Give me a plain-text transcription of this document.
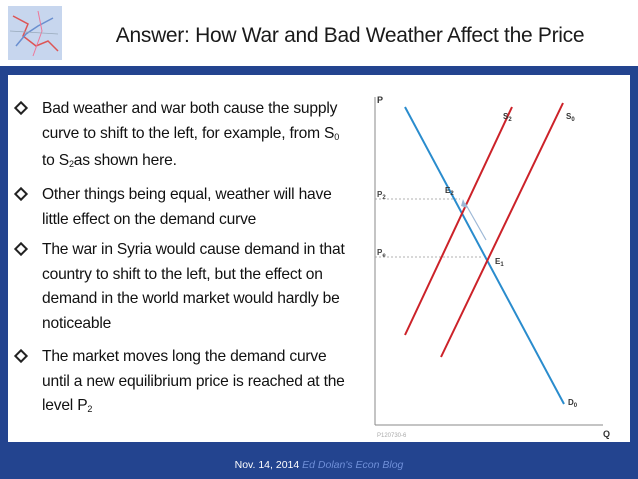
Answer: How War and Bad Weather Affect the Price
Bad weather and war both cause the supply curve to shift to the left, for example, from $S_0$ to $S_2as$ shown here.
Other things being equal, weather will have little effect on the demand curve
The war in Syria would cause demand in that country to shift to the left, but the effect on demand in the world market would hardly be noticeable
The market moves long the demand curve until a new equilibrium price is reached at the level $P_2$
P
Q
$P_2$
$P_e$
$S_2$	$S_0$
$D_0$
$E_2$
$E_1$
P120730-6
Nov. 14, 2014 Ed Dolan's Econ Blog
